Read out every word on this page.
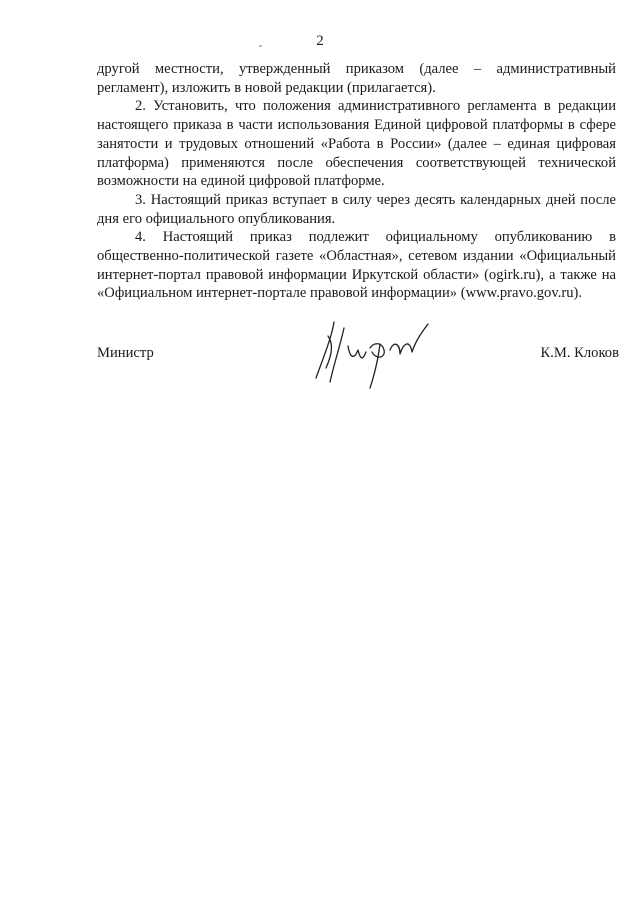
2

другой местности, утвержденный приказом (далее – административный регламент), изложить в новой редакции (прилагается).

2. Установить, что положения административного регламента в редакции настоящего приказа в части использования Единой цифровой платформы в сфере занятости и трудовых отношений «Работа в России» (далее – единая цифровая платформа) применяются после обеспечения соответствующей технической возможности на единой цифровой платформе.

3. Настоящий приказ вступает в силу через десять календарных дней после дня его официального опубликования.

4. Настоящий приказ подлежит официальному опубликованию в общественно-политической газете «Областная», сетевом издании «Официальный интернет-портал правовой информации Иркутской области» (ogirk.ru), а также на «Официальном интернет-портале правовой информации» (www.pravo.gov.ru).

Министр	К.М. Клоков
